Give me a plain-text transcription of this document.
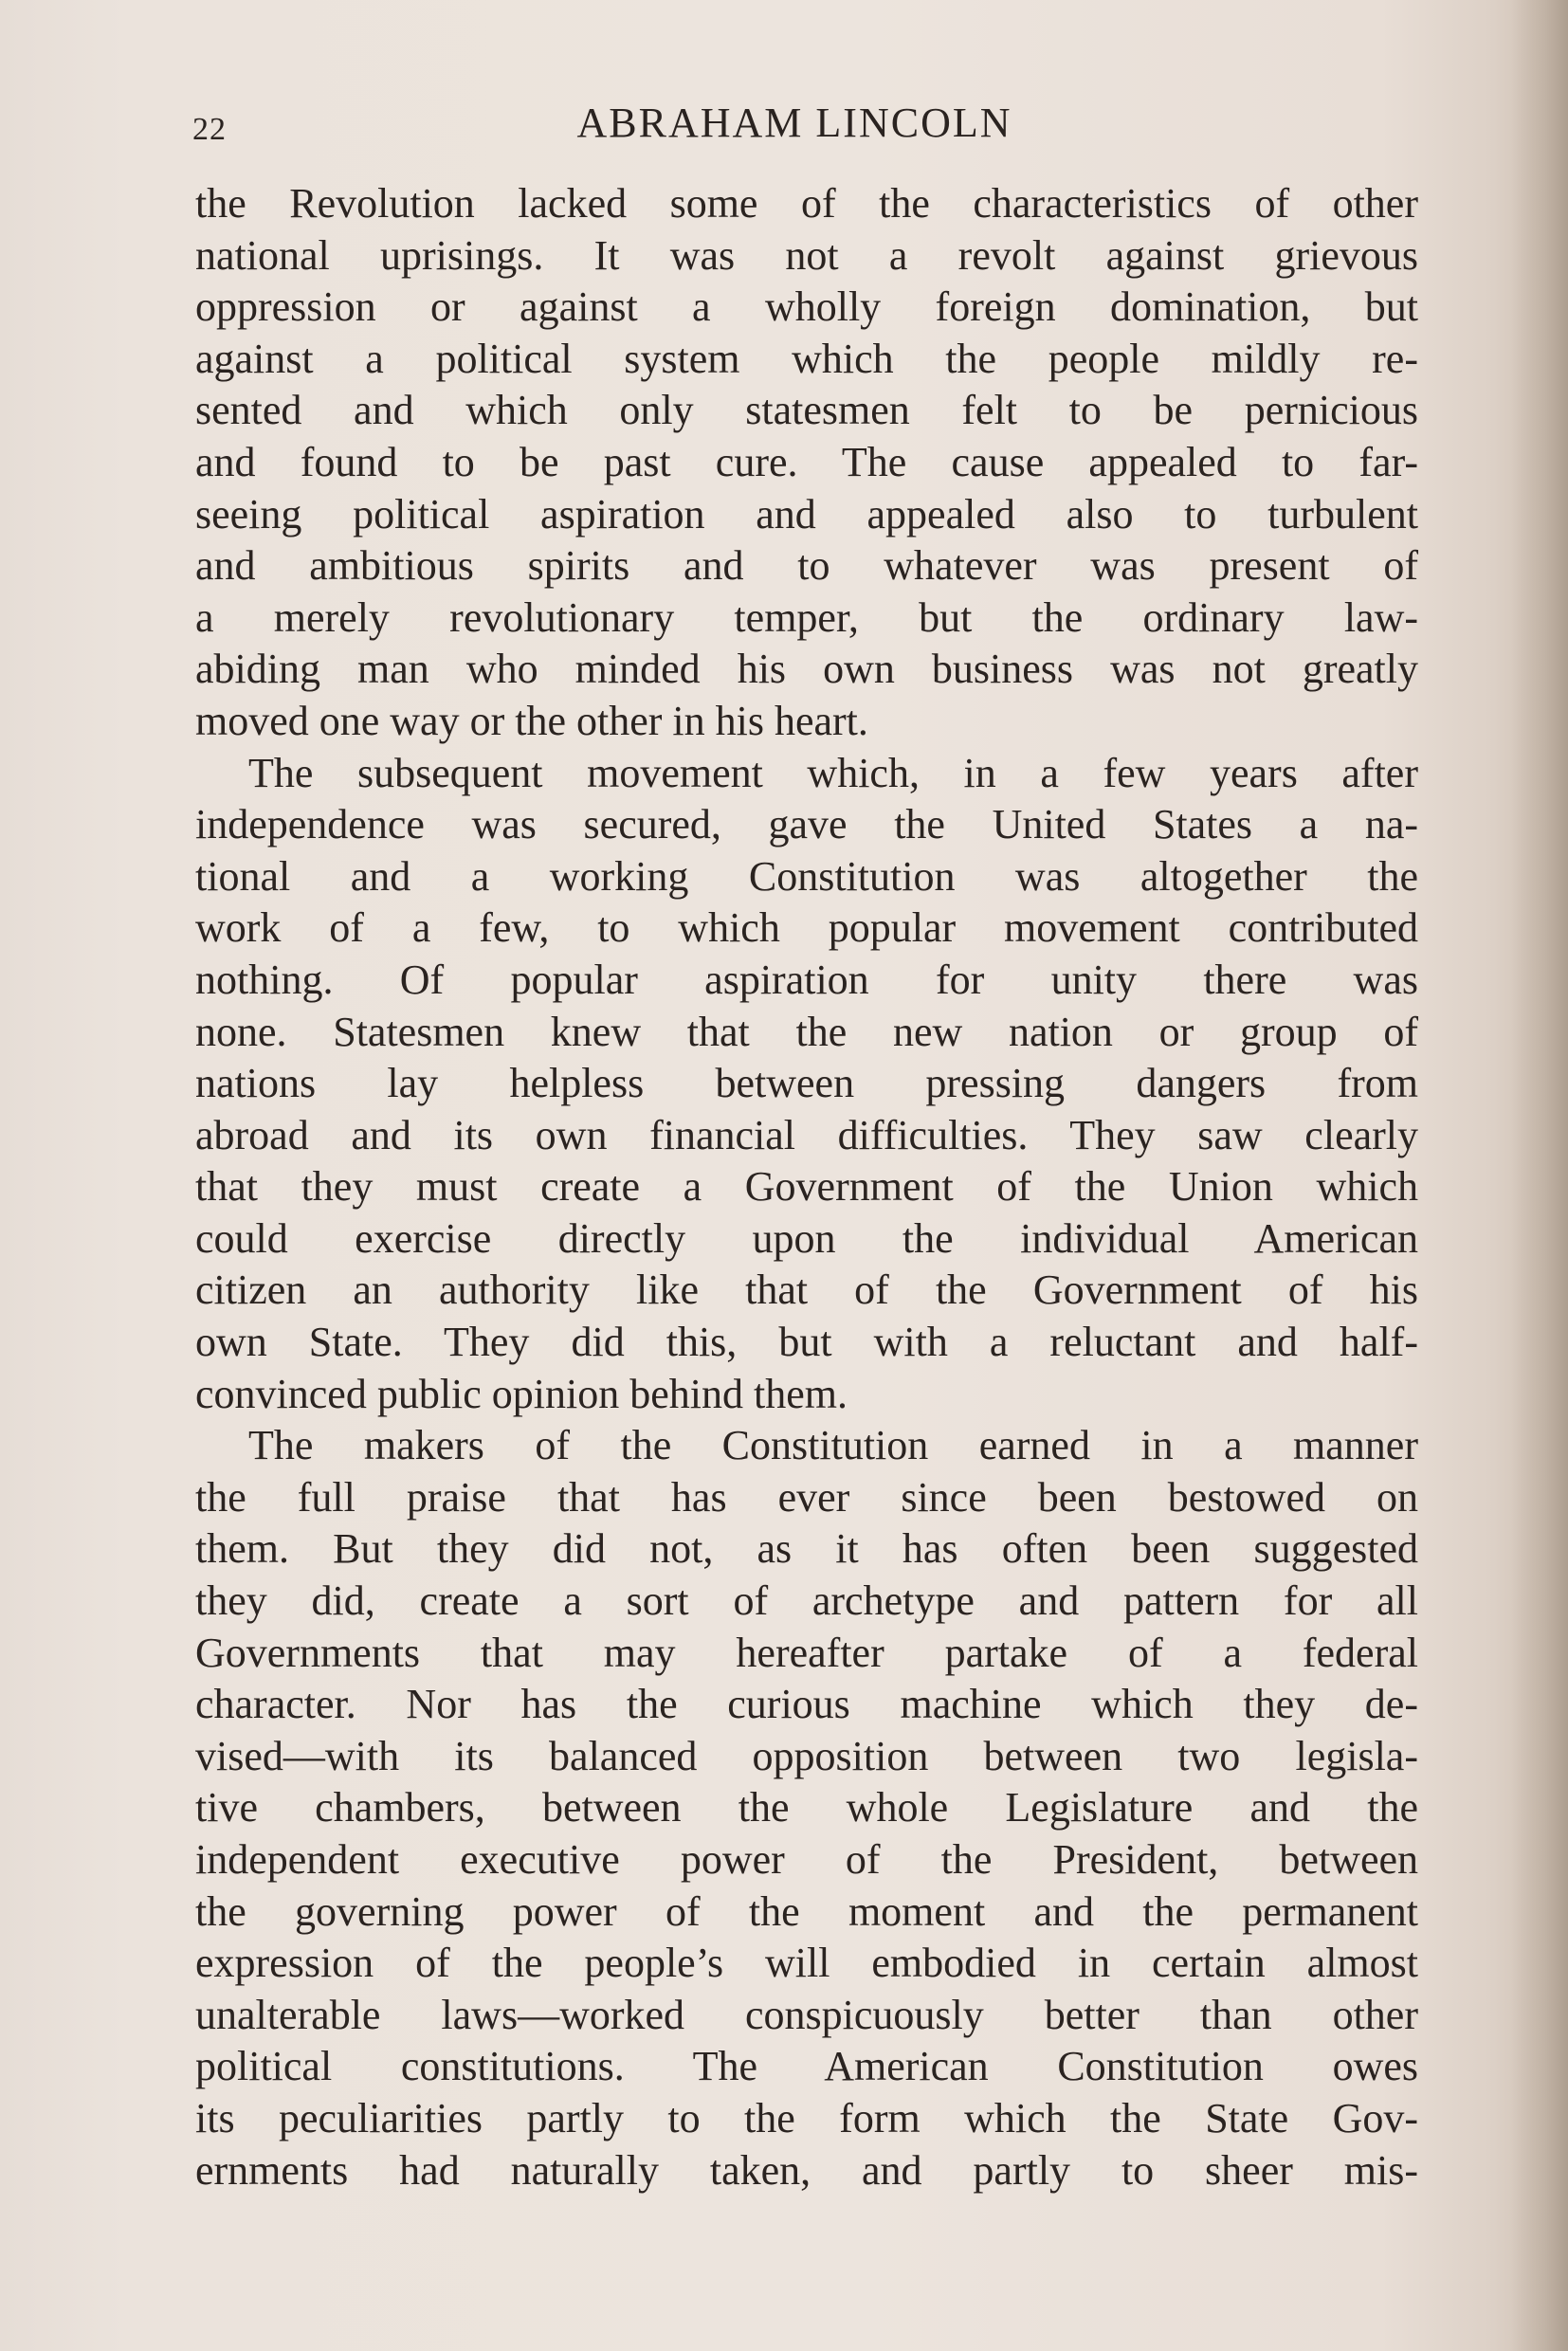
22	ABRAHAM LINCOLN
the Revolution lacked some of the characteristics of other
national uprisings. It was not a revolt against grievous
oppression or against a wholly foreign domination, but
against a political system which the people mildly re-
sented and which only statesmen felt to be pernicious
and found to be past cure. The cause appealed to far-
seeing political aspiration and appealed also to turbulent
and ambitious spirits and to whatever was present of
a merely revolutionary temper, but the ordinary law-
abiding man who minded his own business was not greatly
moved one way or the other in his heart.
The subsequent movement which, in a few years after
independence was secured, gave the United States a na-
tional and a working Constitution was altogether the
work of a few, to which popular movement contributed
nothing. Of popular aspiration for unity there was
none. Statesmen knew that the new nation or group of
nations lay helpless between pressing dangers from
abroad and its own financial difficulties. They saw clearly
that they must create a Government of the Union which
could exercise directly upon the individual American
citizen an authority like that of the Government of his
own State. They did this, but with a reluctant and half-
convinced public opinion behind them.
The makers of the Constitution earned in a manner
the full praise that has ever since been bestowed on
them. But they did not, as it has often been suggested
they did, create a sort of archetype and pattern for all
Governments that may hereafter partake of a federal
character. Nor has the curious machine which they de-
vised—with its balanced opposition between two legisla-
tive chambers, between the whole Legislature and the
independent executive power of the President, between
the governing power of the moment and the permanent
expression of the people’s will embodied in certain almost
unalterable laws—worked conspicuously better than other
political constitutions. The American Constitution owes
its peculiarities partly to the form which the State Gov-
ernments had naturally taken, and partly to sheer mis-
